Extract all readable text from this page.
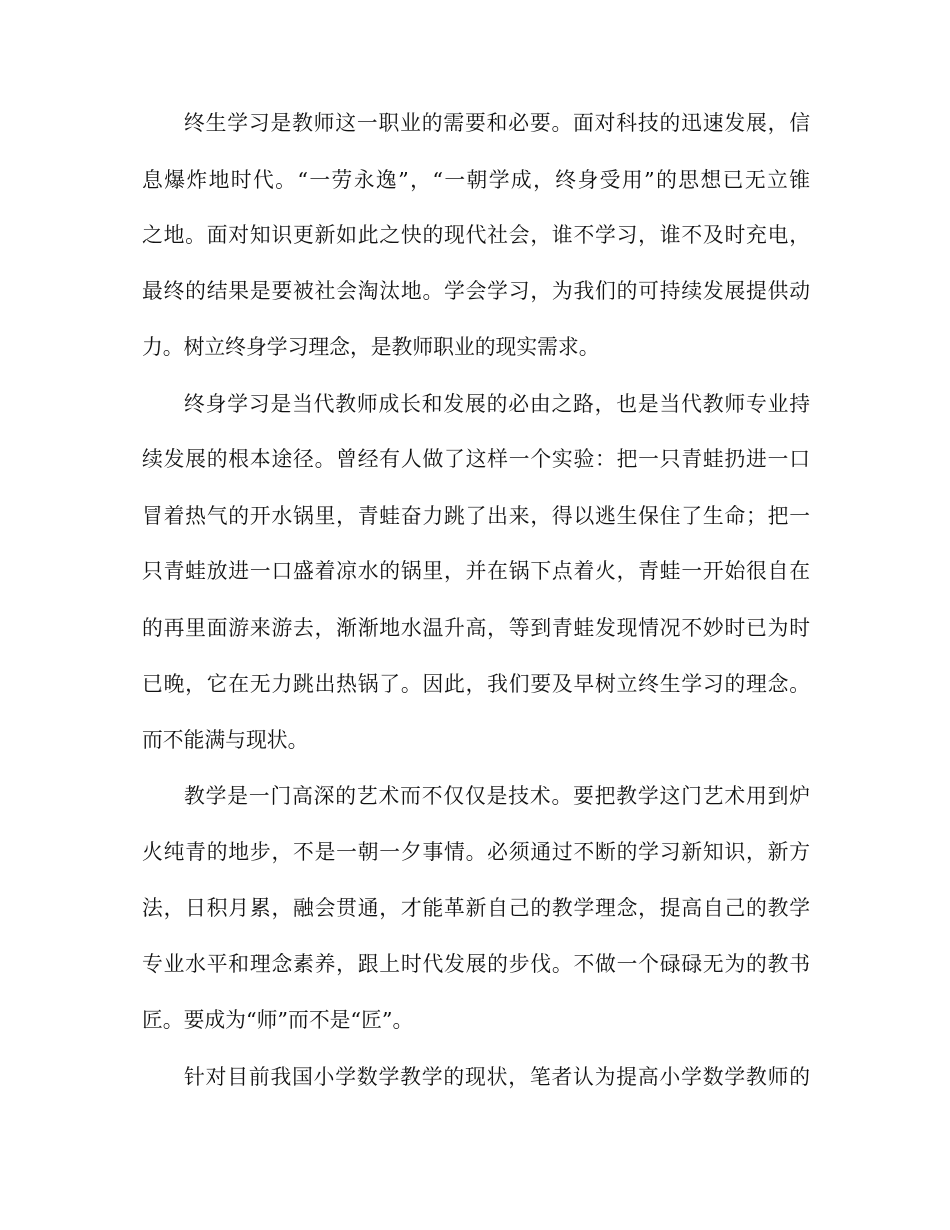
终生学习是教师这一职业的需要和必要。面对科技的迅速发展，信
息爆炸地时代。“一劳永逸”，“一朝学成，终身受用”的思想已无立锥
之地。面对知识更新如此之快的现代社会，谁不学习，谁不及时充电，
最终的结果是要被社会淘汰地。学会学习，为我们的可持续发展提供动
力。树立终身学习理念，是教师职业的现实需求。
终身学习是当代教师成长和发展的必由之路，也是当代教师专业持
续发展的根本途径。曾经有人做了这样一个实验：把一只青蛙扔进一口
冒着热气的开水锅里，青蛙奋力跳了出来，得以逃生保住了生命；把一
只青蛙放进一口盛着凉水的锅里，并在锅下点着火，青蛙一开始很自在
的再里面游来游去，渐渐地水温升高，等到青蛙发现情况不妙时已为时
已晚，它在无力跳出热锅了。因此，我们要及早树立终生学习的理念。
而不能满与现状。
教学是一门高深的艺术而不仅仅是技术。要把教学这门艺术用到炉
火纯青的地步，不是一朝一夕事情。必须通过不断的学习新知识，新方
法，日积月累，融会贯通，才能革新自己的教学理念，提高自己的教学
专业水平和理念素养，跟上时代发展的步伐。不做一个碌碌无为的教书
匠。要成为“师”而不是“匠”。
针对目前我国小学数学教学的现状，笔者认为提高小学数学教师的
